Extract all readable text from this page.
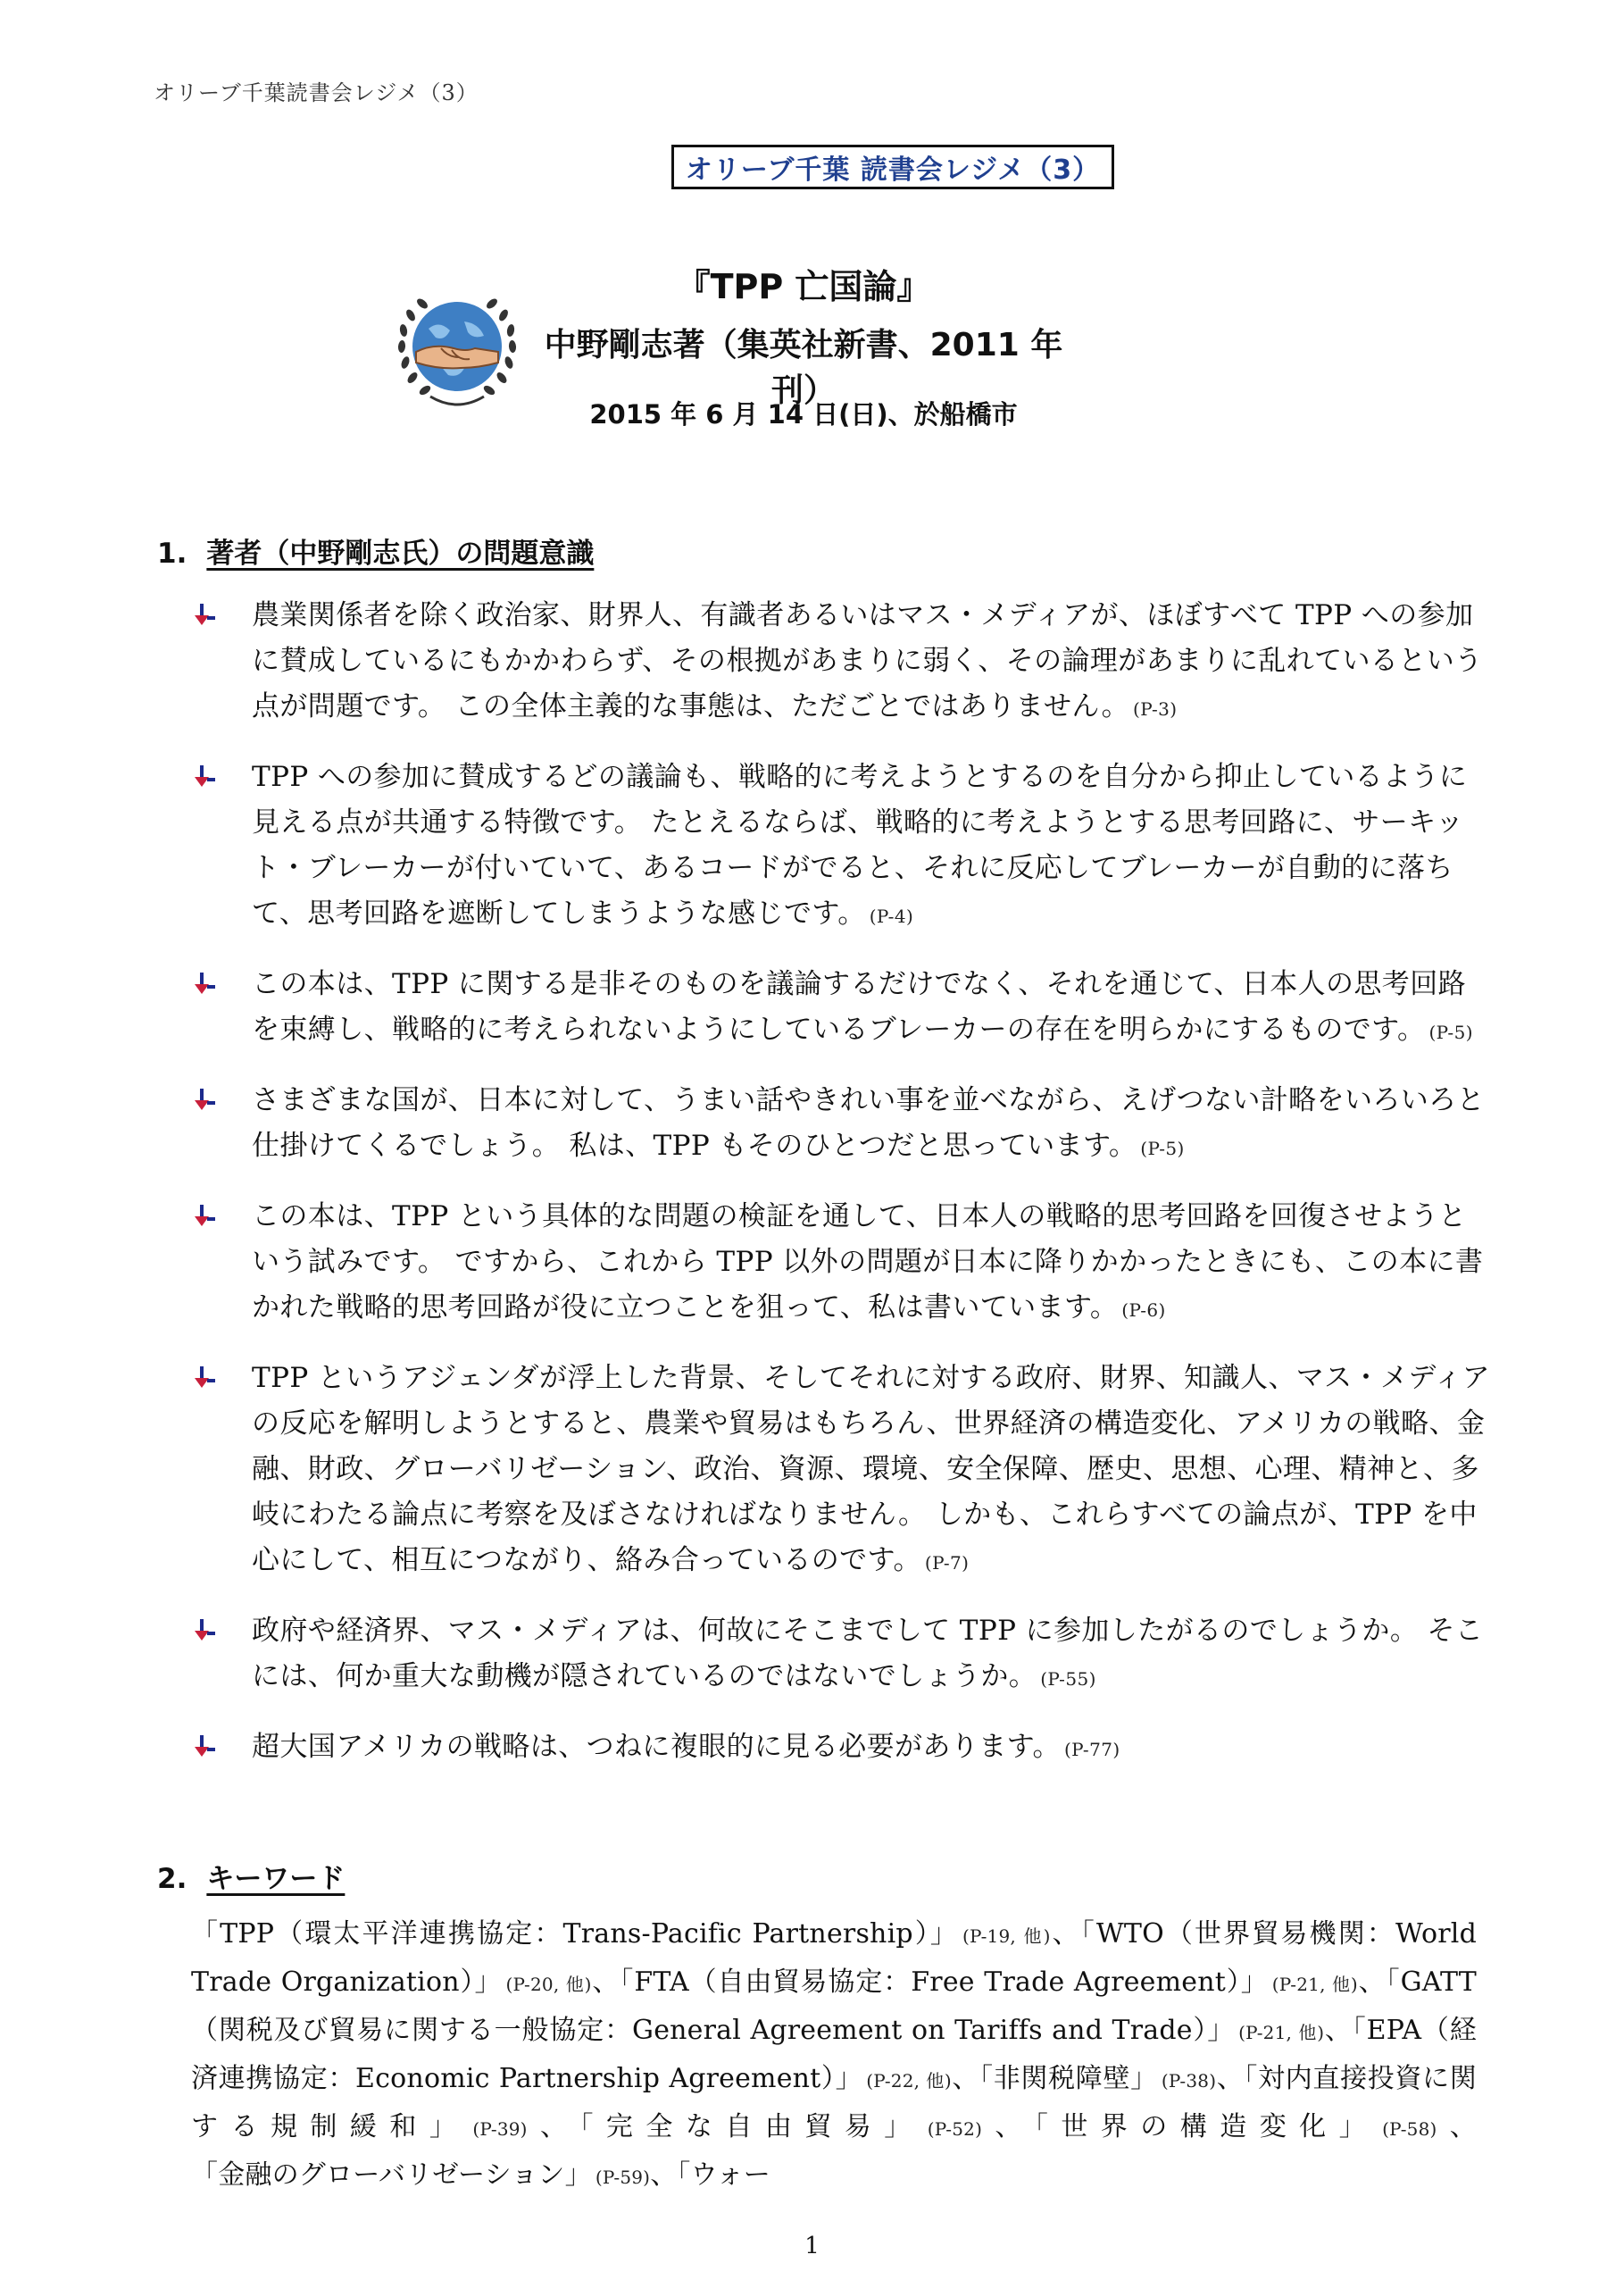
オリーブ千葉読書会レジメ（3）
オリーブ千葉 読書会レジメ（3）
『TPP 亡国論』
中野剛志著（集英社新書、2011 年刊）
2015 年 6 月 14 日(日)、於船橋市
1. 著者（中野剛志氏）の問題意識
農業関係者を除く政治家、財界人、有識者あるいはマス・メディアが、ほぼすべて TPP への参加に賛成しているにもかかわらず、その根拠があまりに弱く、その論理があまりに乱れているという点が問題です。 この全体主義的な事態は、ただごとではありません。 (P-3)
TPP への参加に賛成するどの議論も、戦略的に考えようとするのを自分から抑止しているように見える点が共通する特徴です。 たとえるならば、戦略的に考えようとする思考回路に、サーキット・ブレーカーが付いていて、あるコードがでると、それに反応してブレーカーが自動的に落ちて、思考回路を遮断してしまうような感じです。 (P-4)
この本は、TPP に関する是非そのものを議論するだけでなく、それを通じて、日本人の思考回路を束縛し、戦略的に考えられないようにしているブレーカーの存在を明らかにするものです。 (P-5)
さまざまな国が、日本に対して、うまい話やきれい事を並べながら、えげつない計略をいろいろと仕掛けてくるでしょう。 私は、TPP もそのひとつだと思っています。 (P-5)
この本は、TPP という具体的な問題の検証を通して、日本人の戦略的思考回路を回復させようという試みです。 ですから、これから TPP 以外の問題が日本に降りかかったときにも、この本に書かれた戦略的思考回路が役に立つことを狙って、私は書いています。 (P-6)
TPP というアジェンダが浮上した背景、そしてそれに対する政府、財界、知識人、マス・メディアの反応を解明しようとすると、農業や貿易はもちろん、世界経済の構造変化、アメリカの戦略、金融、財政、グローバリゼーション、政治、資源、環境、安全保障、歴史、思想、心理、精神と、多岐にわたる論点に考察を及ぼさなければなりません。 しかも、これらすべての論点が、TPP を中心にして、相互につながり、絡み合っているのです。 (P-7)
政府や経済界、マス・メディアは、何故にそこまでして TPP に参加したがるのでしょうか。 そこには、何か重大な動機が隠されているのではないでしょうか。 (P-55)
超大国アメリカの戦略は、つねに複眼的に見る必要があります。 (P-77)
2. キーワード
「TPP（環太平洋連携協定：Trans-Pacific Partnership）」 (P-19, 他)、「WTO（世界貿易機関：World Trade Organization）」 (P-20, 他)、「FTA（自由貿易協定：Free Trade Agreement）」 (P-21, 他)、「GATT（関税及び貿易に関する一般協定：General Agreement on Tariffs and Trade）」 (P-21, 他)、「EPA（経済連携協定：Economic Partnership Agreement）」 (P-22, 他)、「非関税障壁」 (P-38)、「対内直接投資に関する規制緩和」 (P-39)、「完全な自由貿易」 (P-52)、「世界の構造変化」 (P-58)、「金融のグローバリゼーション」 (P-59)、「ウォー
1
